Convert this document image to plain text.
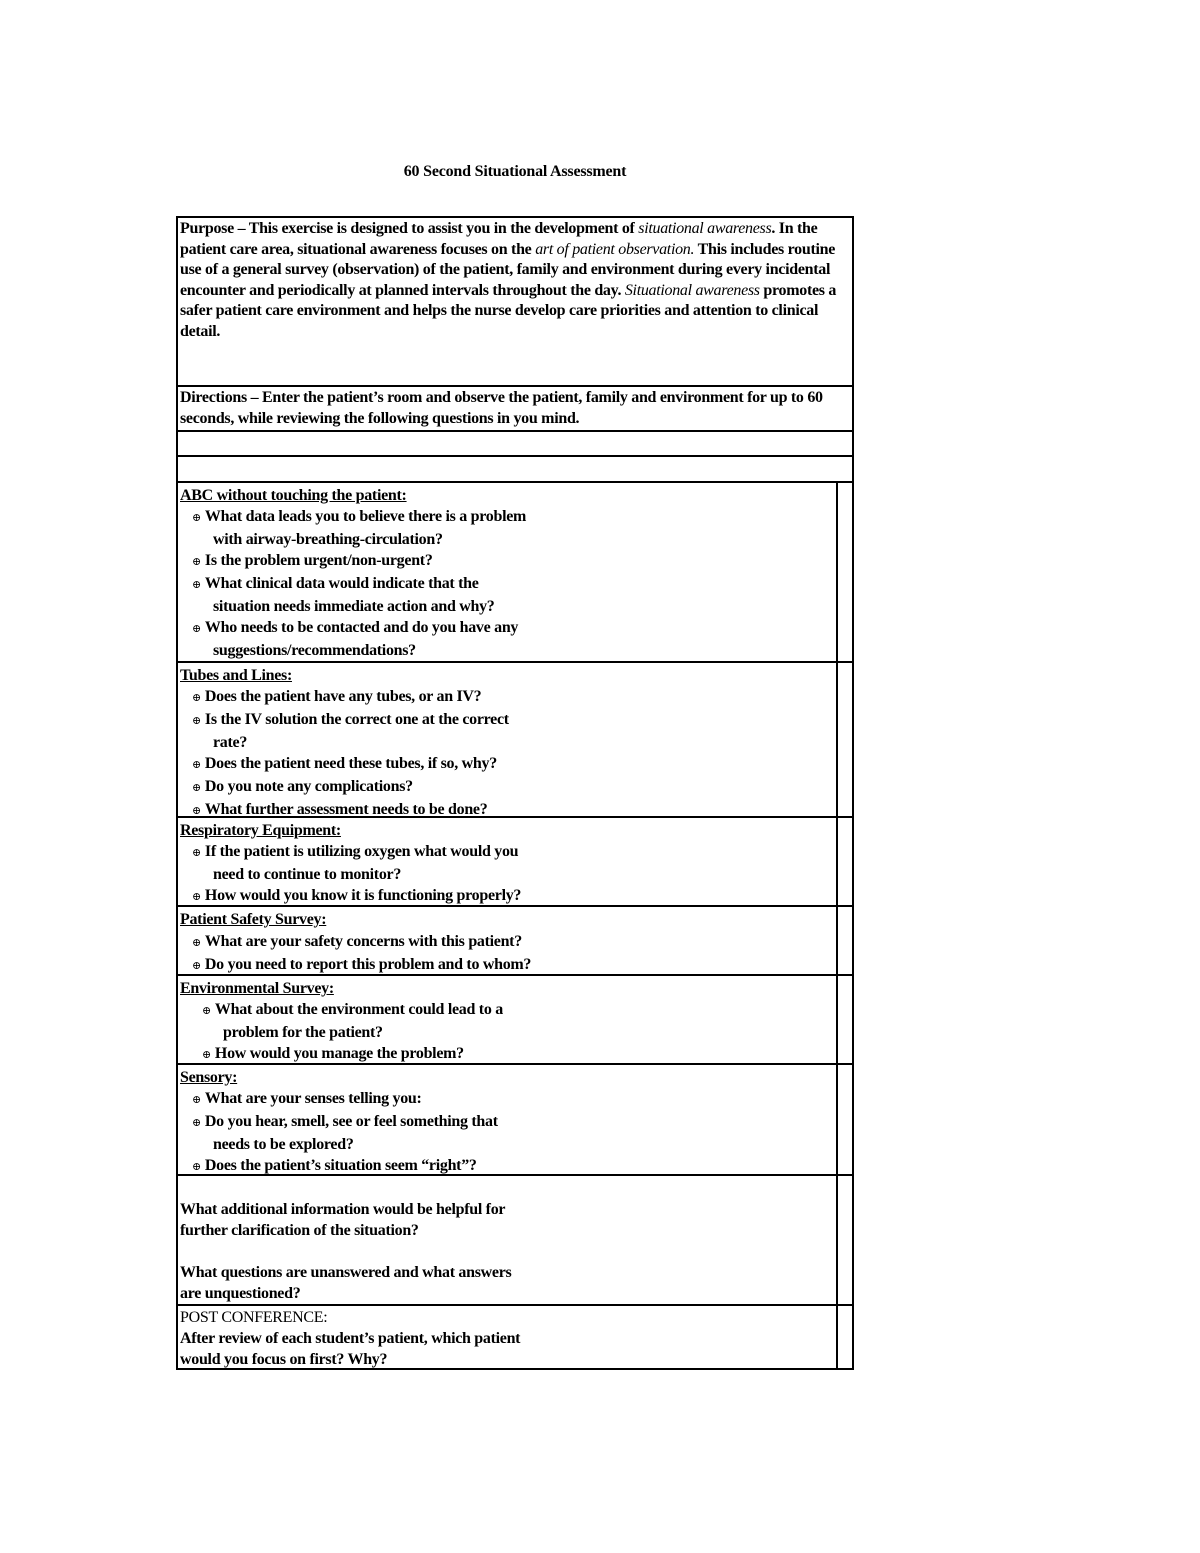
60 Second Situational Assessment
Purpose – This exercise is designed to assist you in the development of situational awareness. In the patient care area, situational awareness focuses on the art of patient observation. This includes routine use of a general survey (observation) of the patient, family and environment during every incidental encounter and periodically at planned intervals throughout the day. Situational awareness promotes a safer patient care environment and helps the nurse develop care priorities and attention to clinical detail.
Directions – Enter the patient’s room and observe the patient, family and environment for up to 60 seconds, while reviewing the following questions in you mind.
ABC without touching the patient:
⊕ What data leads you to believe there is a problem
with airway-breathing-circulation?
⊕ Is the problem urgent/non-urgent?
⊕ What clinical data would indicate that the
situation needs immediate action and why?
⊕ Who needs to be contacted and do you have any
suggestions/recommendations?
Tubes and Lines:
⊕ Does the patient have any tubes, or an IV?
⊕ Is the IV solution the correct one at the correct
rate?
⊕ Does the patient need these tubes, if so, why?
⊕ Do you note any complications?
⊕ What further assessment needs to be done?
Respiratory Equipment:
⊕ If the patient is utilizing oxygen what would you
need to continue to monitor?
⊕ How would you know it is functioning properly?
Patient Safety Survey:
⊕ What are your safety concerns with this patient?
⊕ Do you need to report this problem and to whom?
Environmental Survey:
⊕ What about the environment could lead to a
problem for the patient?
⊕ How would you manage the problem?
Sensory:
⊕ What are your senses telling you:
⊕ Do you hear, smell, see or feel something that
needs to be explored?
⊕ Does the patient’s situation seem “right”?
What additional information would be helpful for
further clarification of the situation?
What questions are unanswered and what answers
are unquestioned?
POST CONFERENCE:
After review of each student’s patient, which patient
would you focus on first? Why?
